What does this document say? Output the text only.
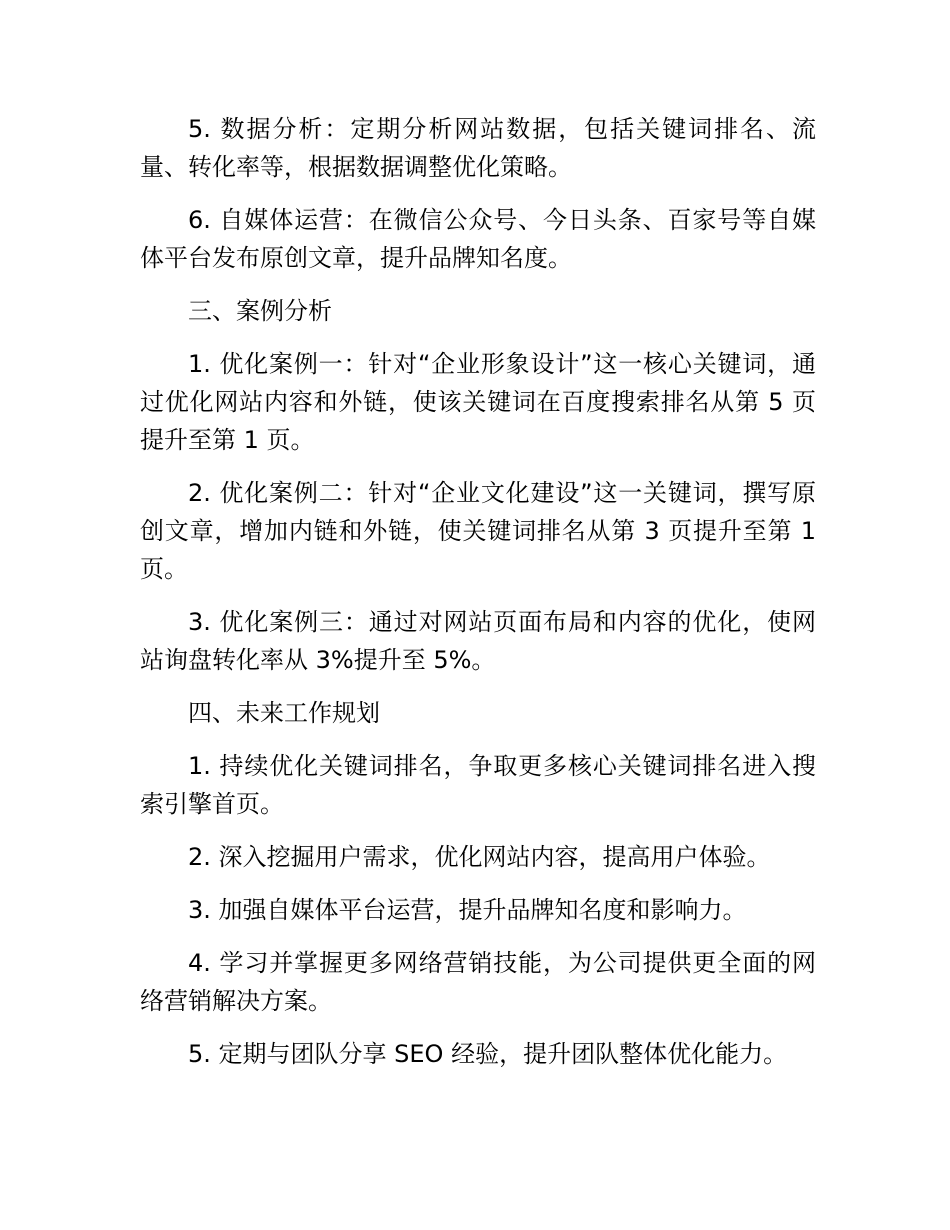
5. 数据分析：定期分析网站数据，包括关键词排名、流量、转化率等，根据数据调整优化策略。

6. 自媒体运营：在微信公众号、今日头条、百家号等自媒体平台发布原创文章，提升品牌知名度。

三、案例分析

1. 优化案例一：针对“企业形象设计”这一核心关键词，通过优化网站内容和外链，使该关键词在百度搜索排名从第 5 页提升至第 1 页。

2. 优化案例二：针对“企业文化建设”这一关键词，撰写原创文章，增加内链和外链，使关键词排名从第 3 页提升至第 1 页。

3. 优化案例三：通过对网站页面布局和内容的优化，使网站询盘转化率从 3%提升至 5%。

四、未来工作规划

1. 持续优化关键词排名，争取更多核心关键词排名进入搜索引擎首页。

2. 深入挖掘用户需求，优化网站内容，提高用户体验。

3. 加强自媒体平台运营，提升品牌知名度和影响力。

4. 学习并掌握更多网络营销技能，为公司提供更全面的网络营销解决方案。

5. 定期与团队分享 SEO 经验，提升团队整体优化能力。
